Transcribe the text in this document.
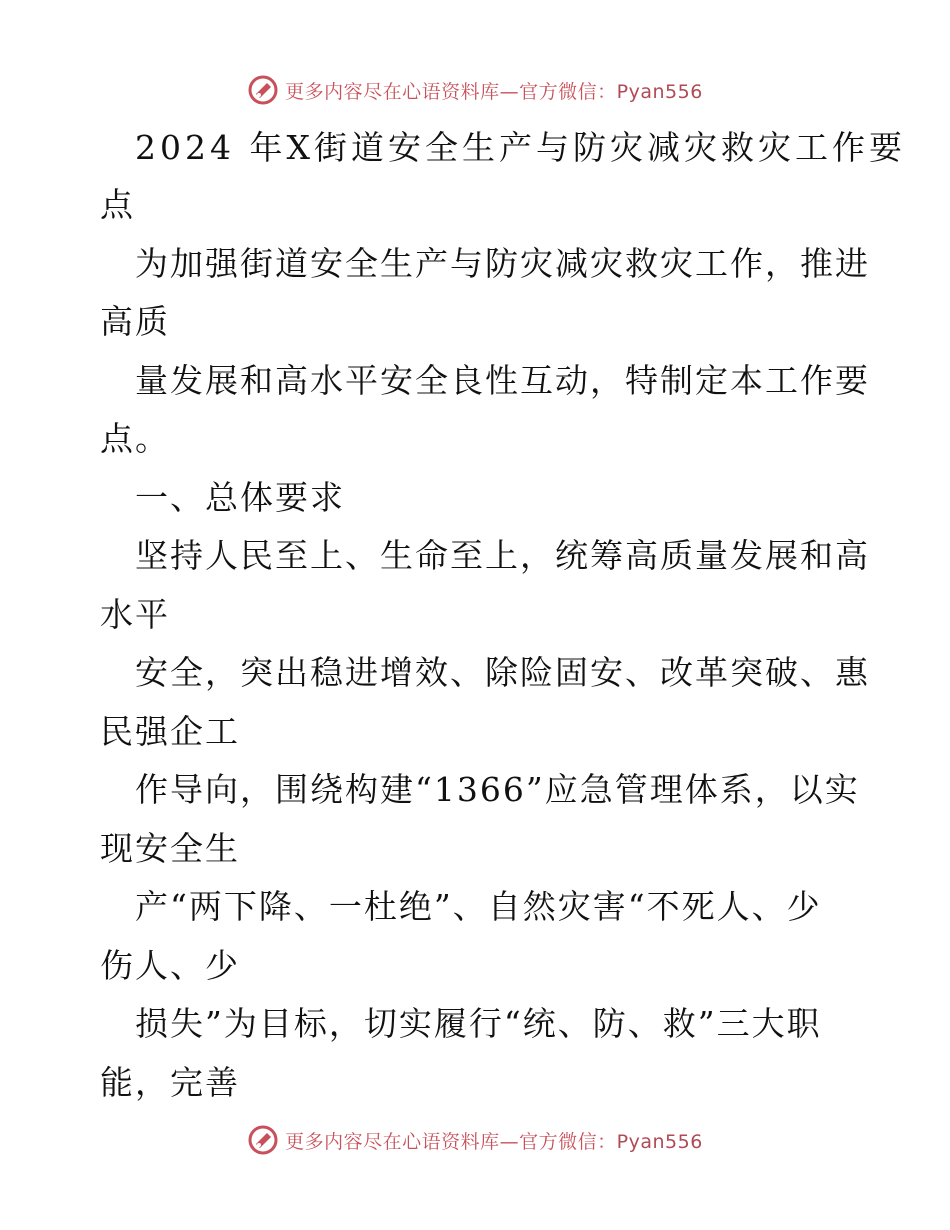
更多内容尽在心语资料库—官方微信：Pyan556
2024 年X街道安全生产与防灾减灾救灾工作要
点
为加强街道安全生产与防灾减灾救灾工作，推进
高质
量发展和高水平安全良性互动，特制定本工作要
点。
一、总体要求
坚持人民至上、生命至上，统筹高质量发展和高
水平
安全，突出稳进增效、除险固安、改革突破、惠
民强企工
作导向，围绕构建“1366”应急管理体系，以实
现安全生
产“两下降、一杜绝”、自然灾害“不死人、少
伤人、少
损失”为目标，切实履行“统、防、救”三大职
能，完善
更多内容尽在心语资料库—官方微信：Pyan556
